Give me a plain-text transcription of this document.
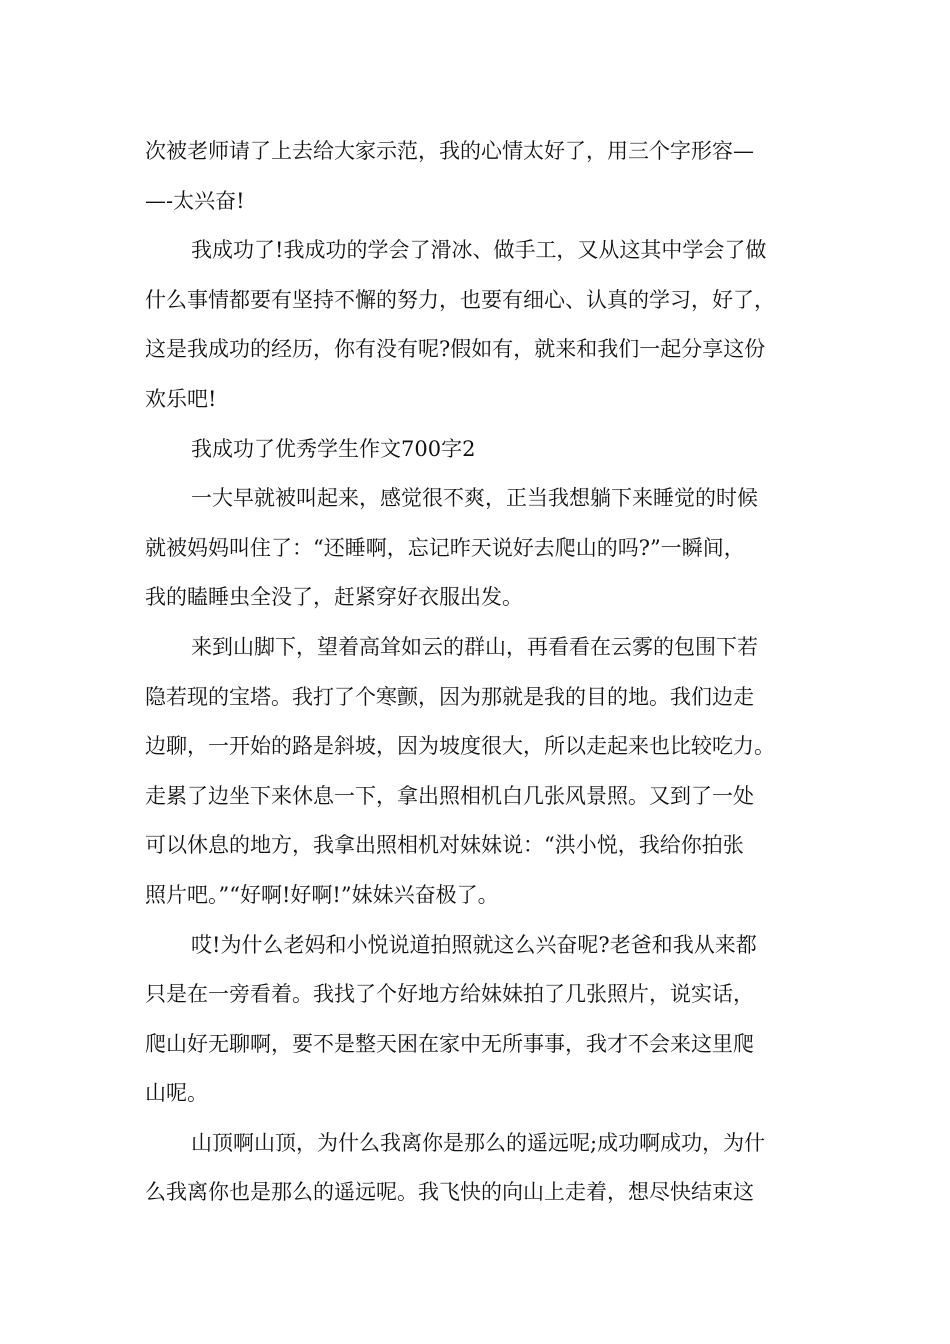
次被老师请了上去给大家示范，我的心情太好了，用三个字形容—
—-太兴奋!
我成功了!我成功的学会了滑冰、做手工，又从这其中学会了做
什么事情都要有坚持不懈的努力，也要有细心、认真的学习，好了，
这是我成功的经历，你有没有呢?假如有，就来和我们一起分享这份
欢乐吧!
我成功了优秀学生作文700字2
一大早就被叫起来，感觉很不爽，正当我想躺下来睡觉的时候
就被妈妈叫住了：“还睡啊，忘记昨天说好去爬山的吗?”一瞬间，
我的瞌睡虫全没了，赶紧穿好衣服出发。
来到山脚下，望着高耸如云的群山，再看看在云雾的包围下若
隐若现的宝塔。我打了个寒颤，因为那就是我的目的地。我们边走
边聊，一开始的路是斜坡，因为坡度很大，所以走起来也比较吃力。
走累了边坐下来休息一下，拿出照相机白几张风景照。又到了一处
可以休息的地方，我拿出照相机对妹妹说：“洪小悦，我给你拍张
照片吧。”“好啊!好啊!”妹妹兴奋极了。
哎!为什么老妈和小悦说道拍照就这么兴奋呢?老爸和我从来都
只是在一旁看着。我找了个好地方给妹妹拍了几张照片，说实话，
爬山好无聊啊，要不是整天困在家中无所事事，我才不会来这里爬
山呢。
山顶啊山顶，为什么我离你是那么的遥远呢;成功啊成功，为什
么我离你也是那么的遥远呢。我飞快的向山上走着，想尽快结束这
